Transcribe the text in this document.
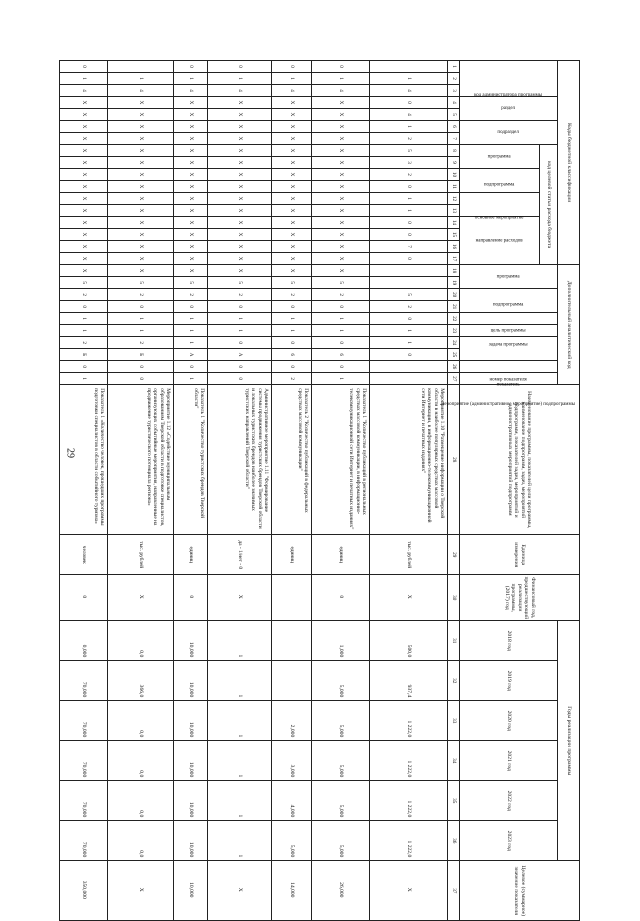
29
Коды бюджетной классификации																	Дополнительный аналитический код										Наименование программы, показателей цели программы, наименование подпрограмм, задач, мероприятий подпрограмм, показателей задач, мероприятий и административных мероприятий подпрограмм	Единица измерения	Финансовый год, предшествующий реализации программы, (2017) год	Годы реализации программы						Целевое (суммарное) значение показателя
код администратора программы			раздел		подраздел		код целевой статьи расхода бюджета										программа		подпрограмма		цель программы	задача программы	мероприятие (административное мероприятие) подпрограммы		номер показателя	показатель				2018 год	2019 год	2020 год	2021 год	2022 год	2023 год	
							программа		подпрограмма		основное мероприятие		направление расходов																							
1	2	3	4	5	6	7	8	9	10	11	12	13	14	15	16	17	18	19	20	21	22	23	24	25	26	27	28	29	30	31	32	33	34	35	36	37
	1	4	0	4	1	2	5	3	2	0	1	1	0	0	7	0			5	2	0	1	1	0			Мероприятие 1.10 "Размещение информации о Тверской области в наиболее популярных средствах массовой коммуникации, в информационно-телекоммуникационной сети Интернет и печатных изданиях"	тыс. рублей	X	500,0	937,4	1 222,0	1 222,0	1 222,0	1 222,0	X
0	1	4	X	X	X	X	X	X	X	X	X	X	X	X	X	X	X	5	2	0	1	1	0	6	0	1	Показатель 1 "Количество публикаций в региональных средствах массовой коммуникации, в информационно-телекоммуникационной сети Интернет и печатных изданиях"	единиц	0	1,000	5,000	5,000	5,000	5,000	5,000	26,000
0	1	4	X	X	X	X	X	X	X	X	X	X	X	X	X	X	X	5	2	0	1	1	0	6	0	2	Показатель 2 "Количество публикаций в федеральных средствах массовой коммуникации"	единиц				2,000	3,000	4,000	5,000	14,000
0	1	4	X	X	X	X	X	X	X	X	X	X	X	X	X	X	X	5	2	0	1	1	0	А	0	0	Административное мероприятие 1.11 "Формирование системы продвижения туристских брендов Тверской области и локальных туристских брендов наиболее значимых туристских направлений Тверской области"	да - 1/нет - 0	X	1	1	1	1	1	1	X
0	1	4	X	X	X	X	X	X	X	X	X	X	X	X	X	X	X	5	2	0	1	1	1	А	0	1	Показатель 1 "Количество туристских брендов Тверской области"	единиц	0	10,000	10,000	10,000	10,000	10,000	10,000	10,000
	1	4	X	X	X	X	X	X	X	X	X	X	X	X	X	X	X	5	2	0	1	1	2	Б	0	0	Мероприятие 1.12 «Содействие муниципальным образованиям Тверской области в подготовке специалистов, организующих событийные мероприятия, направленные на продвижение туристического потенциала региона»	тыс. рублей	X	0,0	366,0	0,0	0,0	0,0	0,0	X
0	1	4	X	X	X	X	X	X	X	X	X	X	X	X	X	X	X	5	2	0	1	1	2	Б	0	1	Показатель 1 «Количество человек, прошедших программы подготовки специалистов в области событийного туризма»	человек	0	0,000	70,000	70,000	70,000	70,000	70,000	350,000
